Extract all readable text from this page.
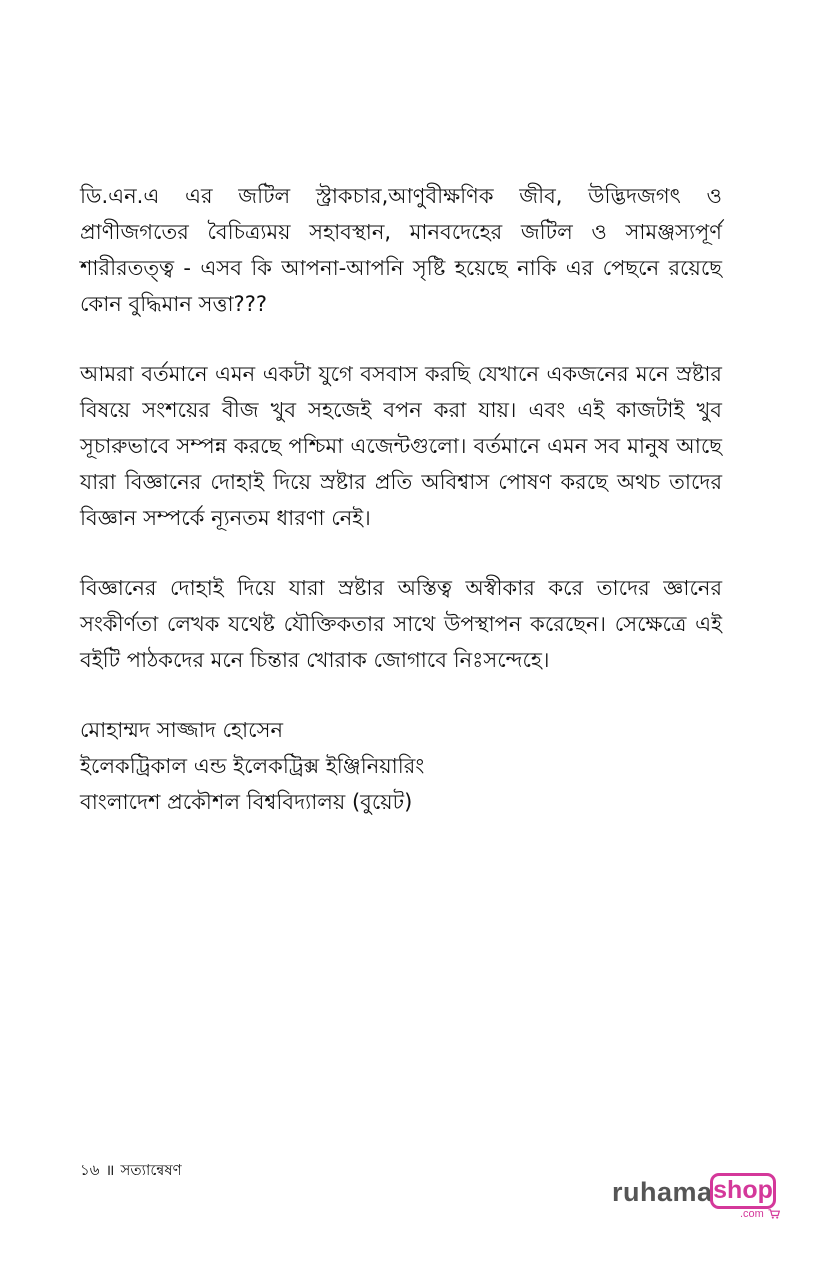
ডি.এন.এ এর জটিল স্ট্রাকচার,আণুবীক্ষণিক জীব, উদ্ভিদজগৎ ও প্রাণীজগতের বৈচিত্র্যময় সহাবস্থান, মানবদেহের জটিল ও সামঞ্জস্যপূর্ণ শারীরতত্ত্ব - এসব কি আপনা-আপনি সৃষ্টি হয়েছে নাকি এর পেছনে রয়েছে কোন বুদ্ধিমান সত্তা???

আমরা বর্তমানে এমন একটা যুগে বসবাস করছি যেখানে একজনের মনে স্রষ্টার বিষয়ে সংশয়ের বীজ খুব সহজেই বপন করা যায়। এবং এই কাজটাই খুব সূচারুভাবে সম্পন্ন করছে পশ্চিমা এজেন্টগুলো। বর্তমানে এমন সব মানুষ আছে যারা বিজ্ঞানের দোহাই দিয়ে স্রষ্টার প্রতি অবিশ্বাস পোষণ করছে অথচ তাদের বিজ্ঞান সম্পর্কে ন্যূনতম ধারণা নেই।

বিজ্ঞানের দোহাই দিয়ে যারা স্রষ্টার অস্তিত্ব অস্বীকার করে তাদের জ্ঞানের সংকীর্ণতা লেখক যথেষ্ট যৌক্তিকতার সাথে উপস্থাপন করেছেন। সেক্ষেত্রে এই বইটি পাঠকদের মনে চিন্তার খোরাক জোগাবে নিঃসন্দেহে।

মোহাম্মদ সাজ্জাদ হোসেন
ইলেকট্রিকাল এন্ড ইলেকট্রিক্স ইঞ্জিনিয়ারিং
বাংলাদেশ প্রকৌশল বিশ্ববিদ্যালয় (বুয়েট)
১৬ ॥ সত্যান্বেষণ
ruhama shop
.com
